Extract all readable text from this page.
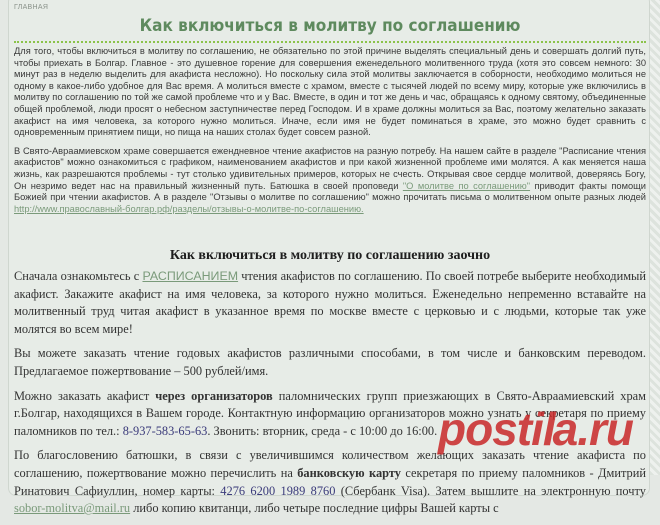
ГЛАВНАЯ
Как включиться в молитву по соглашению

Для того, чтобы включиться в молитву по соглашению, не обязательно по этой причине выделять специальный день и совершать долгий путь, чтобы приехать в Болгар. Главное - это душевное горение для совершения еженедельного молитвенного труда (хотя это совсем немного: 30 минут раз в неделю выделить для акафиста несложно). Но поскольку сила этой молитвы заключается в соборности, необходимо молиться не одному в какое-либо удобное для Вас время. А молиться вместе с храмом, вместе с тысячей людей по всему миру, которые уже включились в молитву по соглашению по той же самой проблеме что и у Вас. Вместе, в один и тот же день и час, обращаясь к одному святому, объединенные общей проблемой, люди просят о небесном заступничестве перед Господом. И в храме должны молиться за Вас, поэтому желательно заказать акафист на имя человека, за которого нужно молиться. Иначе, если имя не будет поминаться в храме, это можно будет сравнить с одновременным принятием пищи, но пища на наших столах будет совсем разной.

В Свято-Авраамиевском храме совершается ежендневное чтение акафистов на разную потребу. На нашем сайте в разделе "Расписание чтения акафистов" можно ознакомиться с графиком, наименованием акафистов и при какой жизненной проблеме ими молятся. А как меняется наша жизнь, как разрешаются проблемы - тут столько удивительных примеров, которых не счесть. Открывая свое сердце молитвой, доверяясь Богу, Он незримо ведет нас на правильный жизненный путь. Батюшка в своей проповеди "О молитве по соглашению" приводит факты помощи Божией при чтении акафистов. А в разделе "Отзывы о молитве по соглашению" можно прочитать письма о молитвенном опыте разных людей http://www.православный-болгар.рф/разделы/отзывы-о-молитве-по-соглашению.

Как включиться в молитву по соглашению заочно

Сначала ознакомьтесь с РАСПИСАНИЕМ чтения акафистов по соглашению. По своей потребе выберите необходимый акафист. Закажите акафист на имя человека, за которого нужно молиться. Еженедельно непременно вставайте на молитвенный труд читая акафист в указанное время по москве вместе с церковью и с людьми, которые так уже молятся во всем мире!

Вы можете заказать чтение годовых акафистов различными способами, в том числе и банковским переводом. Предлагаемое пожертвование – 500 рублей/имя.

Можно заказать акафист через организаторов паломнических групп приезжающих в Свято-Авраамиевский храм г.Болгар, находящихся в Вашем городе. Контактную информацию организаторов можно узнать у секретаря по приему паломников по тел.: 8-937-583-65-63. Звонить: вторник, среда - с 10:00 до 16:00.

По благословению батюшки, в связи с увеличившимся количеством желающих заказать чтение акафиста по соглашению, пожертвование можно перечислить на банковскую карту секретаря по приему паломников - Дмитрий Ринатович Сафиуллин, номер карты: 4276 6200 1989 8760 (Сбербанк Visa). Затем вышлите на электронную почту sobor-molitva@mail.ru либо копию квитанци, либо четыре последние цифры Вашей карты с

postila.ru
